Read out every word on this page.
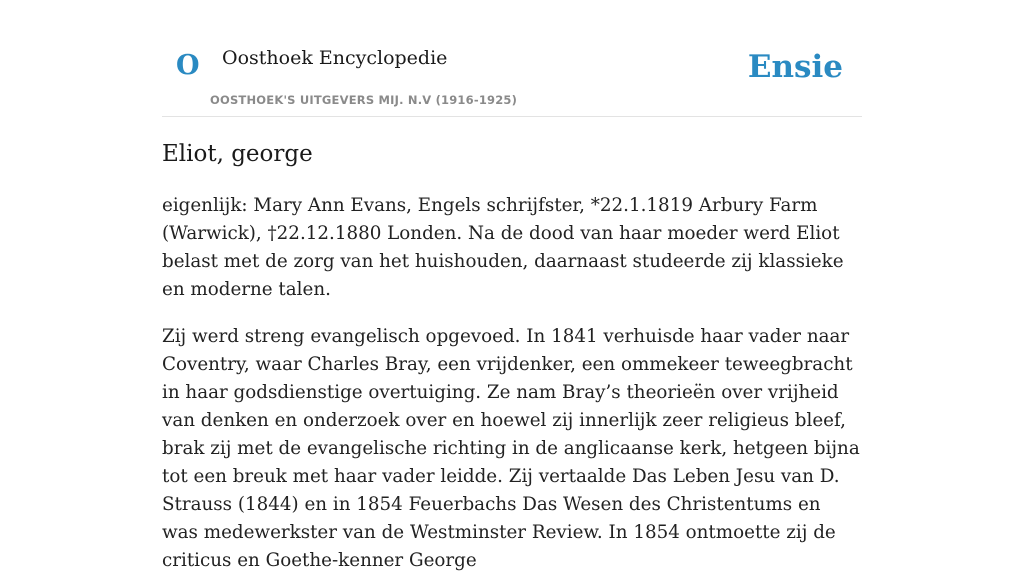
O Oosthoek Encyclopedie
OOSTHOEK'S UITGEVERS MIJ. N.V (1916-1925)
Ensie
Eliot, george

eigenlijk: Mary Ann Evans, Engels schrijfster, *22.1.1819 Arbury Farm (Warwick), †22.12.1880 Londen. Na de dood van haar moeder werd Eliot belast met de zorg van het huishouden, daarnaast studeerde zij klassieke en moderne talen.

Zij werd streng evangelisch opgevoed. In 1841 verhuisde haar vader naar Coventry, waar Charles Bray, een vrijdenker, een ommekeer teweegbracht in haar godsdienstige overtuiging. Ze nam Bray’s theorieën over vrijheid van denken en onderzoek over en hoewel zij innerlijk zeer religieus bleef, brak zij met de evangelische richting in de anglicaanse kerk, hetgeen bijna tot een breuk met haar vader leidde. Zij vertaalde Das Leben Jesu van D. Strauss (1844) en in 1854 Feuerbachs Das Wesen des Christentums en was medewerkster van de Westminster Review. In 1854 ontmoette zij de criticus en Goethe-kenner George
